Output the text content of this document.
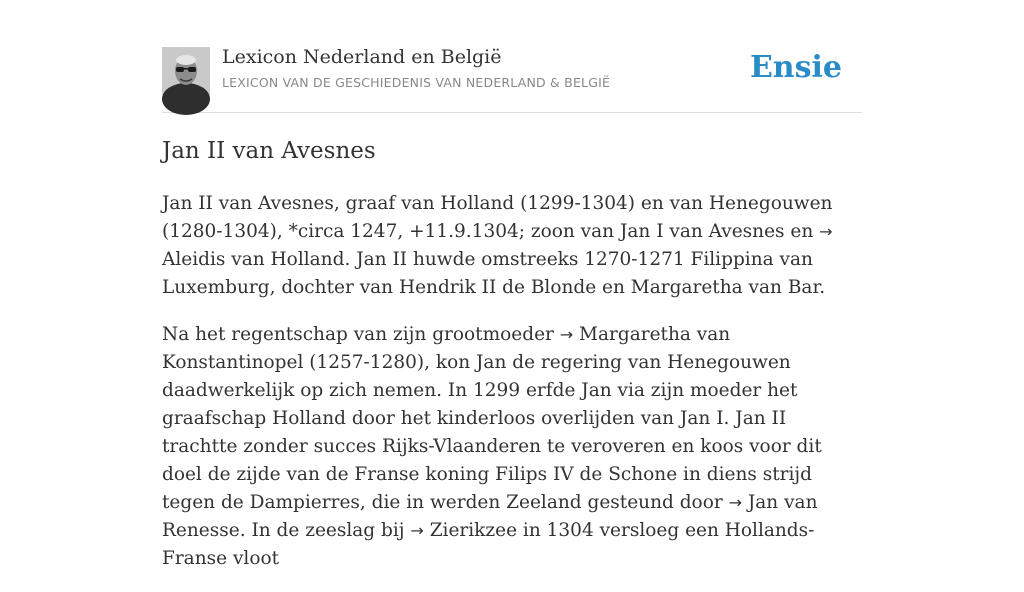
Lexicon Nederland en België
LEXICON VAN DE GESCHIEDENIS VAN NEDERLAND & BELGIË	Ensie
Jan II van Avesnes

Jan II van Avesnes, graaf van Holland (1299-1304) en van Henegouwen (1280-1304), *circa 1247, +11.9.1304; zoon van Jan I van Avesnes en → Aleidis van Holland. Jan II huwde omstreeks 1270-1271 Filippina van Luxemburg, dochter van Hendrik II de Blonde en Margaretha van Bar.

Na het regentschap van zijn grootmoeder → Margaretha van Konstantinopel (1257-1280), kon Jan de regering van Henegouwen daadwerkelijk op zich nemen. In 1299 erfde Jan via zijn moeder het graafschap Holland door het kinderloos overlijden van Jan I. Jan II trachtte zonder succes Rijks-Vlaanderen te veroveren en koos voor dit doel de zijde van de Franse koning Filips IV de Schone in diens strijd tegen de Dampierres, die in werden Zeeland gesteund door → Jan van Renesse. In de zeeslag bij → Zierikzee in 1304 versloeg een Hollands-Franse vloot
